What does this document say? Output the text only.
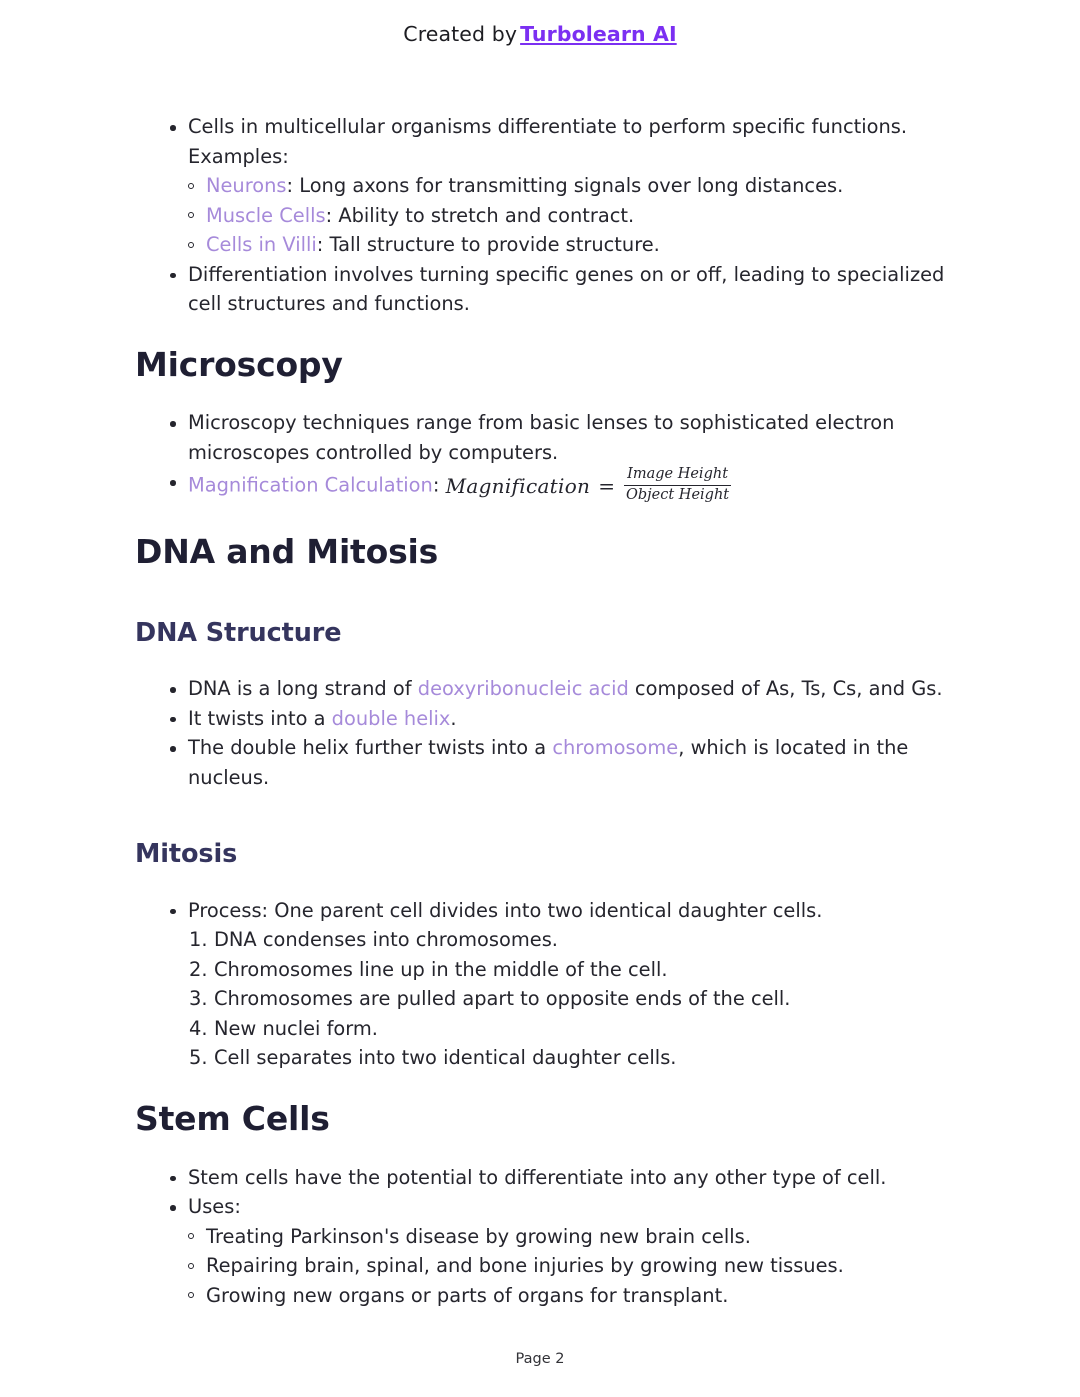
Created by Turbolearn AI
Cells in multicellular organisms differentiate to perform specific functions. Examples:
Neurons: Long axons for transmitting signals over long distances.
Muscle Cells: Ability to stretch and contract.
Cells in Villi: Tall structure to provide structure.
Differentiation involves turning specific genes on or off, leading to specialized cell structures and functions.
Microscopy
Microscopy techniques range from basic lenses to sophisticated electron microscopes controlled by computers.
Magnification Calculation: Magnification = $\frac{\text{Image Height}}{\text{Object Height}}$
DNA and Mitosis
DNA Structure
DNA is a long strand of deoxyribonucleic acid composed of As, Ts, Cs, and Gs.
It twists into a double helix.
The double helix further twists into a chromosome, which is located in the nucleus.
Mitosis
Process: One parent cell divides into two identical daughter cells.
DNA condenses into chromosomes.
Chromosomes line up in the middle of the cell.
Chromosomes are pulled apart to opposite ends of the cell.
New nuclei form.
Cell separates into two identical daughter cells.
Stem Cells
Stem cells have the potential to differentiate into any other type of cell.
Uses:
Treating Parkinson's disease by growing new brain cells.
Repairing brain, spinal, and bone injuries by growing new tissues.
Growing new organs or parts of organs for transplant.
Page 2
